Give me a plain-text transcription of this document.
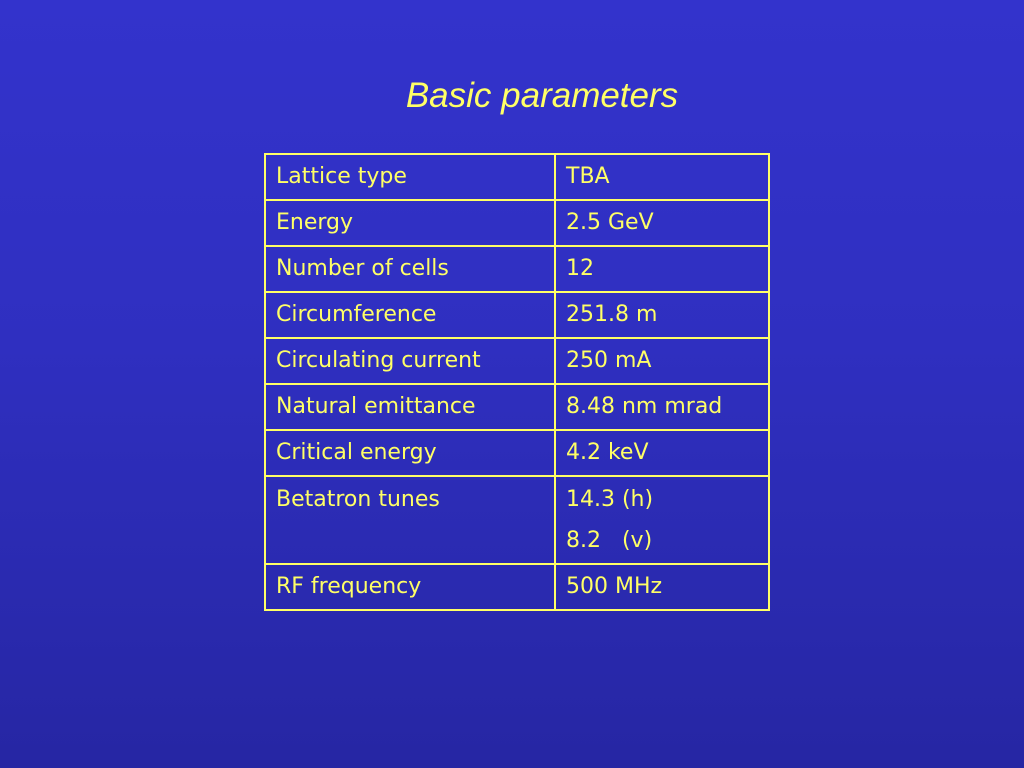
Basic parameters
Lattice type	TBA
Energy	2.5 GeV
Number of cells	12
Circumference	251.8 m
Circulating current	250 mA
Natural emittance	8.48 nm mrad
Critical energy	4.2 keV

Betatron tunes	14.3 (h)
8.2   (v)

RF frequency	500 MHz
